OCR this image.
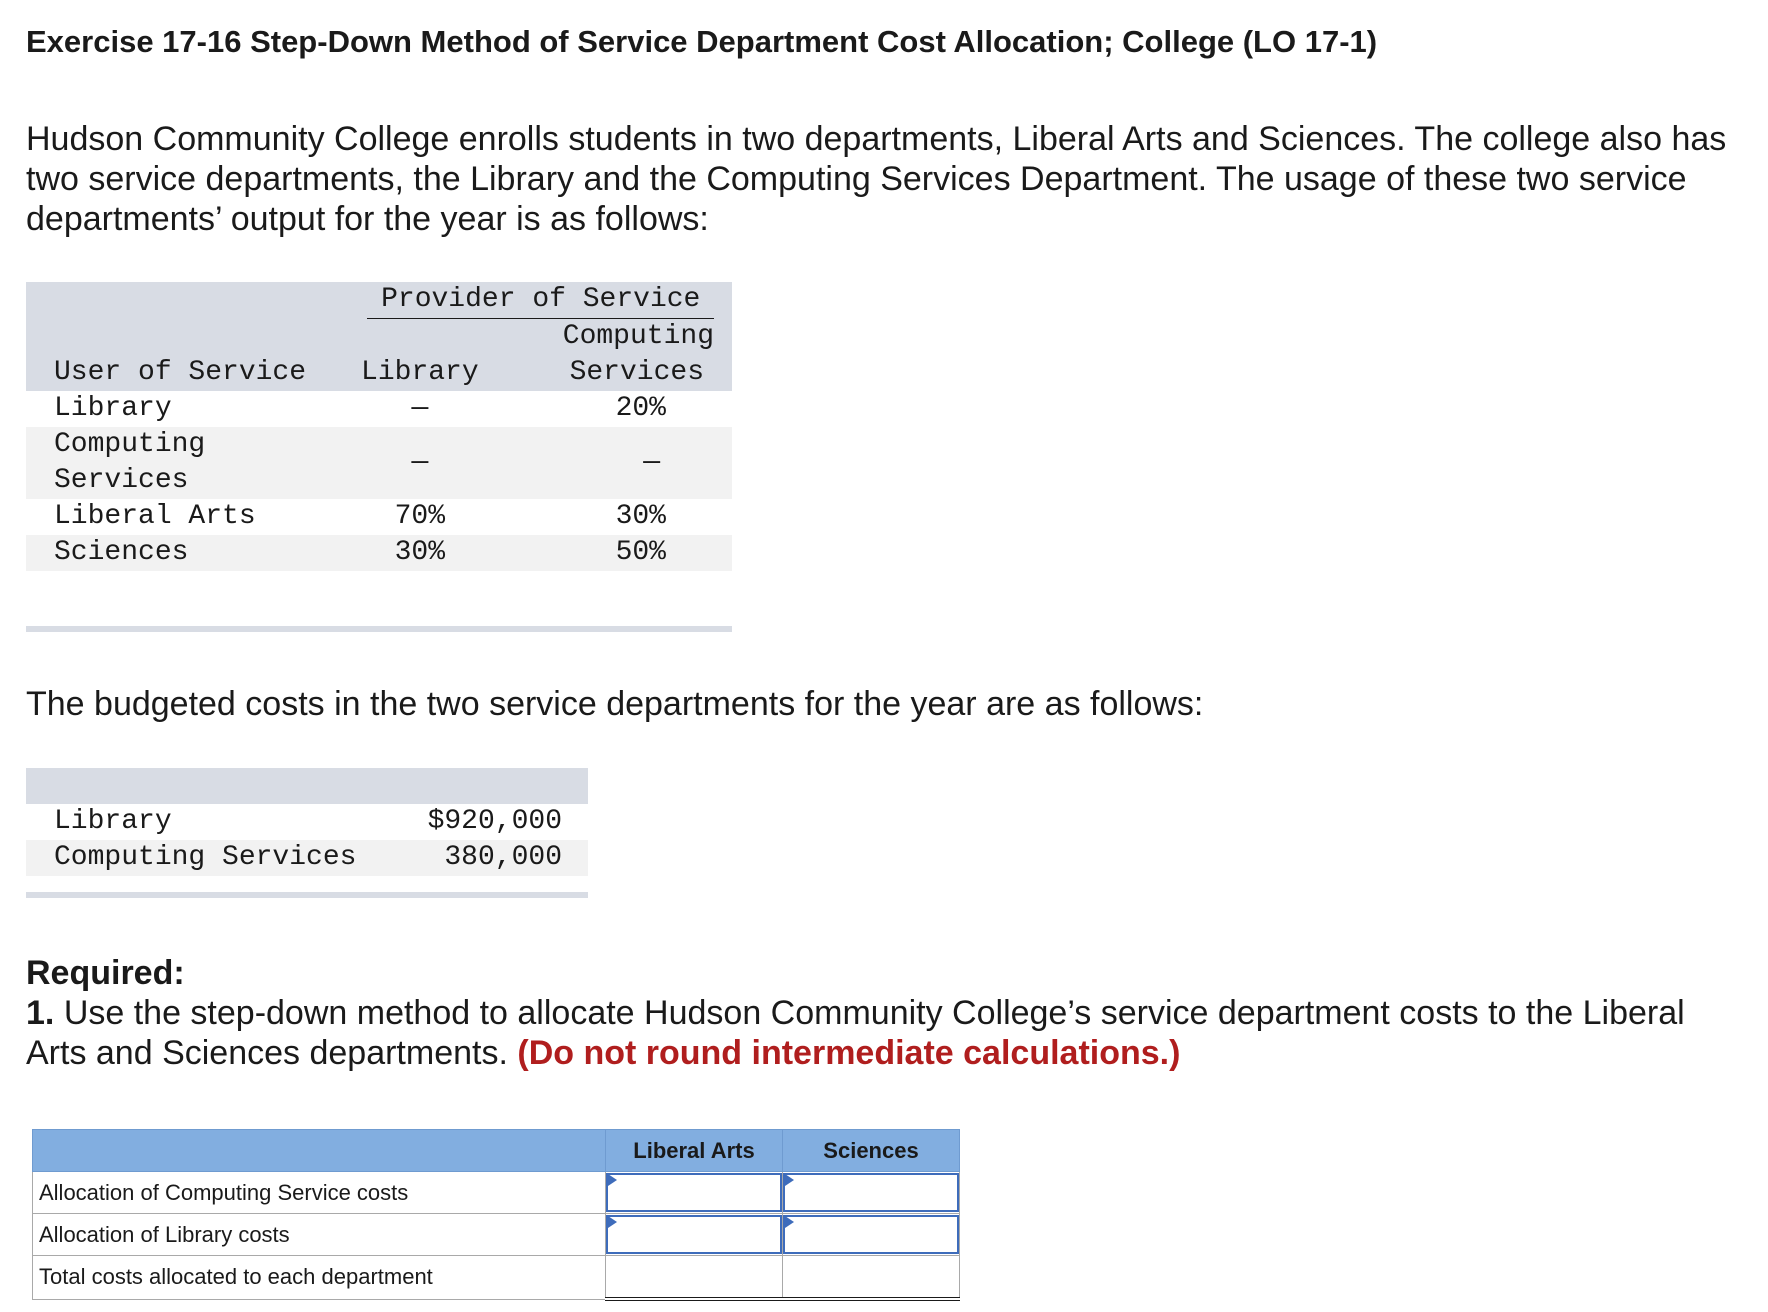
Exercise 17-16 Step-Down Method of Service Department Cost Allocation; College (LO 17-1)

Hudson Community College enrolls students in two departments, Liberal Arts and Sciences. The college also has two service departments, the Library and the Computing Services Department. The usage of these two service departments’ output for the year is as follows:

	Provider of Service	

		Computing
User of Service	Library	Services
Library	—	20%
Computing Services	—	—
Liberal Arts	70%	30%
Sciences	30%	50%

The budgeted costs in the two service departments for the year are as follows:

Library	$920,000
Computing Services	380,000

Required:

1. Use the step-down method to allocate Hudson Community College’s service department costs to the Liberal Arts and Sciences departments. (Do not round intermediate calculations.)

	Liberal Arts	Sciences
Allocation of Computing Service costs	

Allocation of Library costs	

Total costs allocated to each department		
